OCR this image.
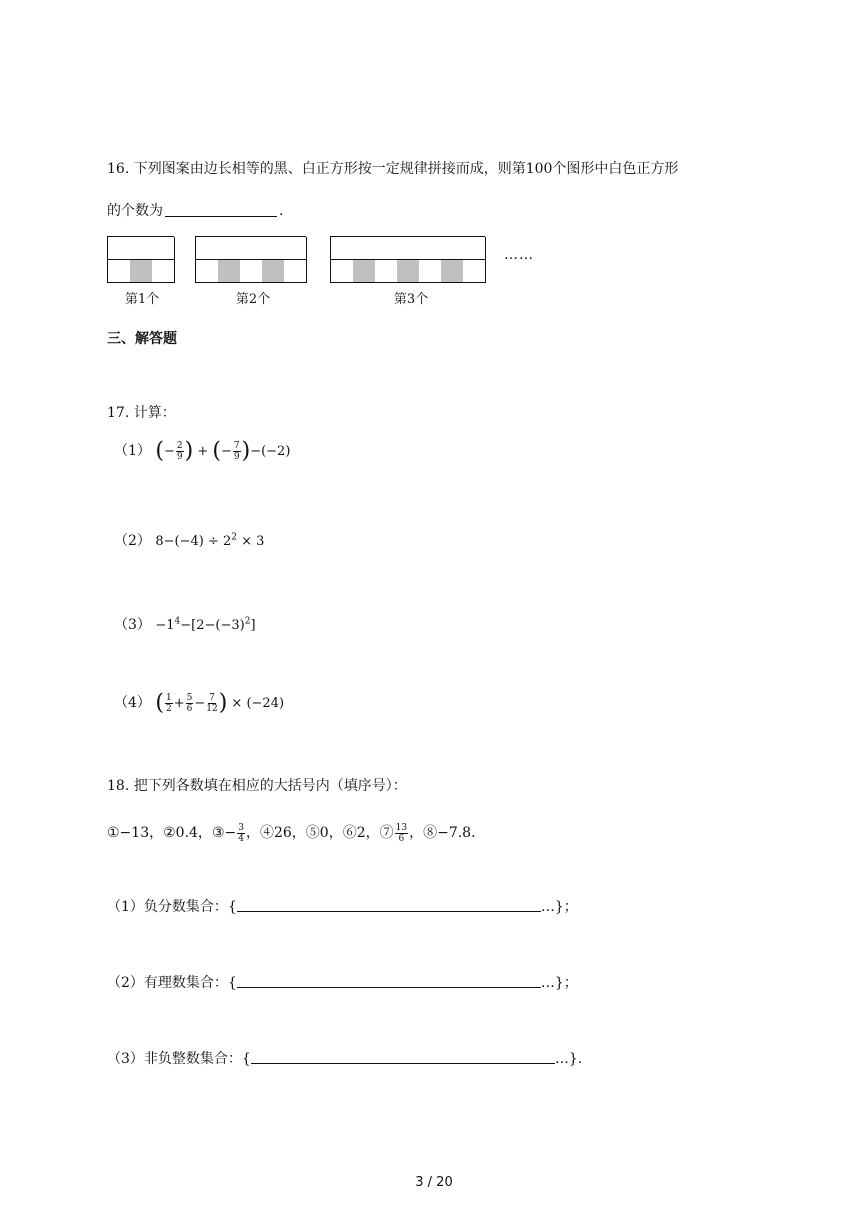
16. 下列图案由边长相等的黑、白正方形按一定规律拼接而成，则第100个图形中白色正方形
的个数为	.
第1个	第2个	第3个
……
三、解答题
17. 计算：
（1） (− $\frac{2}{9}$ ) + (− $\frac{7}{9} )-(-2)$
（2） $8-(-4) \div 2^2 \times 3$
$(3) -1^4-[2-(-3)^2]$
（4） ( $\frac{1}{2} + \frac{5}{6} - \frac{7}{12}$ ) × (−24)
18. 把下列各数填在相应的大括号内（填序号）：
①−13，②0.4，③− $\frac{3}{4}$ ，④26，⑤0，⑥2，⑦ $\frac{13}{6}$ ，⑧−7.8.
（1）负分数集合：{	…}；
（2）有理数集合：{	…}；
（3）非负整数集合：{	…}.
3 / 20
